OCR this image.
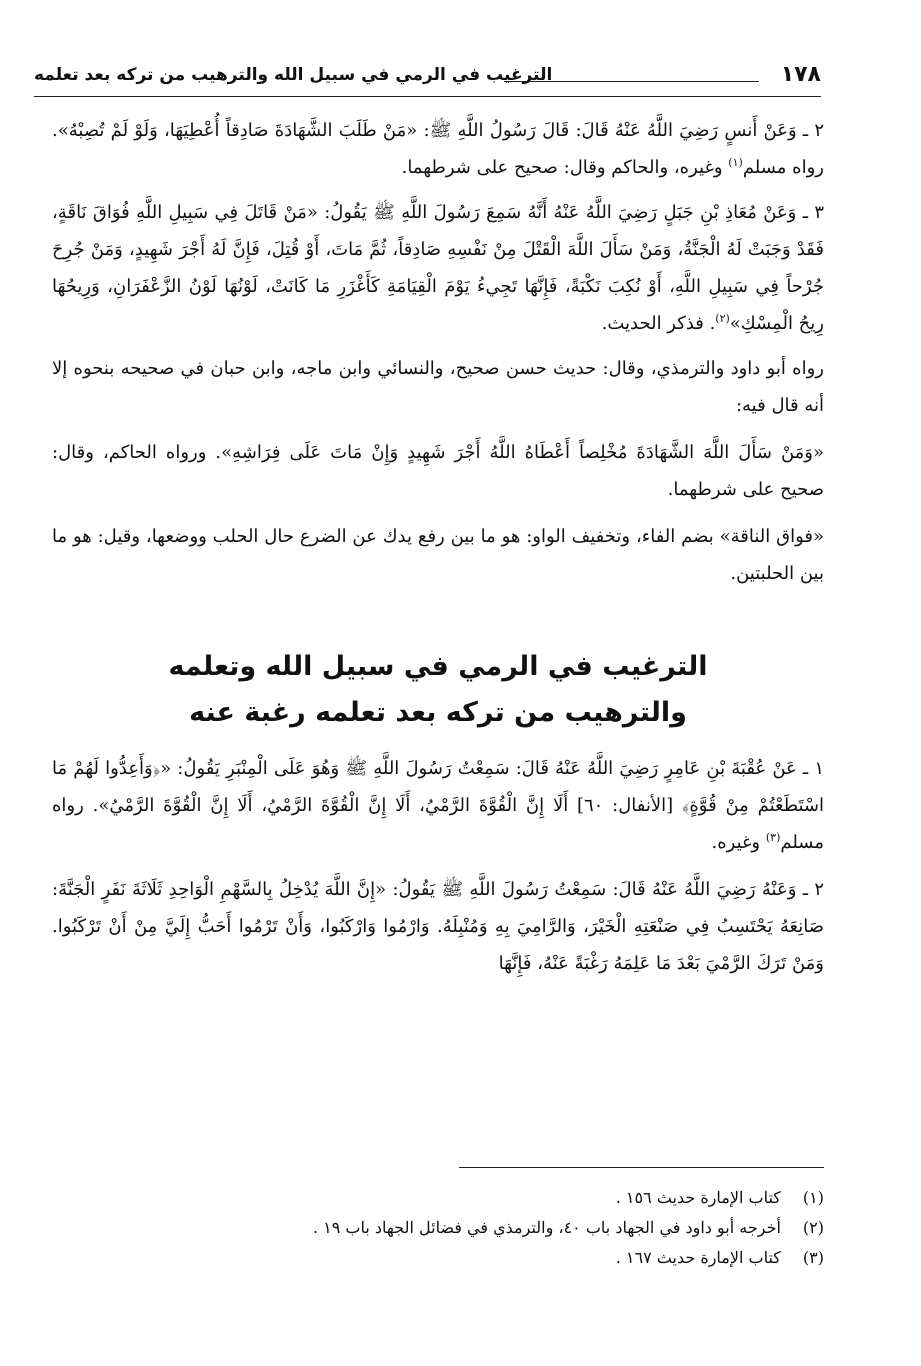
١٧٨
الترغيب في الرمي في سبيل الله والترهيب من تركه بعد تعلمه

٢ ـ وَعَنْ أَنسٍ رَضِيَ اللَّهُ عَنْهُ قَالَ: قَالَ رَسُولُ اللَّهِ ﷺ: «مَنْ طَلَبَ الشَّهَادَةَ صَادِقاً أُعْطِيَهَا، وَلَوْ لَمْ تُصِبْهُ». رواه مسلم$^{(١)}$ وغيره، والحاكم وقال: صحيح على شرطهما.

٣ ـ وَعَنْ مُعَاذِ بْنِ جَبَلٍ رَضِيَ اللَّهُ عَنْهُ أَنَّهُ سَمِعَ رَسُولَ اللَّهِ ﷺ يَقُولُ: «مَنْ قَاتَلَ فِي سَبِيلِ اللَّهِ فُوَاقَ نَاقَةٍ، فَقَدْ وَجَبَتْ لَهُ الْجَنَّةُ، وَمَنْ سَأَلَ اللَّهَ الْقَتْلَ مِنْ نَفْسِهِ صَادِقاً، ثُمَّ مَاتَ، أَوْ قُتِلَ، فَإِنَّ لَهُ أَجْرَ شَهِيدٍ، وَمَنْ جُرِحَ جُرْحاً فِي سَبِيلِ اللَّهِ، أَوْ نُكِبَ نَكْبَةً، فَإِنَّهَا تَجِيءُ يَوْمَ الْقِيَامَةِ كَأَغْزَرِ مَا كَانَتْ، لَوْنُهَا لَوْنُ الزَّعْفَرَانِ، وَرِيحُهَا رِيحُ الْمِسْكِ»$^{(٢)}$. فذكر الحديث.

رواه أبو داود والترمذي، وقال: حديث حسن صحيح، والنسائي وابن ماجه، وابن حبان في صحيحه بنحوه إلا أنه قال فيه:

«وَمَنْ سَأَلَ اللَّهَ الشَّهَادَةَ مُخْلِصاً أَعْطَاهُ اللَّهُ أَجْرَ شَهِيدٍ وَإِنْ مَاتَ عَلَى فِرَاشِهِ». ورواه الحاكم، وقال: صحيح على شرطهما.

«فواق الناقة» بضم الفاء، وتخفيف الواو: هو ما بين رفع يدك عن الضرع حال الحلب ووضعها، وقيل: هو ما بين الحلبتين.

الترغيب في الرمي في سبيل الله وتعلمه
والترهيب من تركه بعد تعلمه رغبة عنه

١ ـ عَنْ عُقْبَةَ بْنِ عَامِرٍ رَضِيَ اللَّهُ عَنْهُ قَالَ: سَمِعْتُ رَسُولَ اللَّهِ ﷺ وَهُوَ عَلَى الْمِنْبَرِ يَقُولُ: «﴿وَأَعِدُّوا لَهُمْ مَا اسْتَطَعْتُمْ مِنْ قُوَّةٍ﴾ [الأنفال: ٦٠] أَلَا إِنَّ الْقُوَّةَ الرَّمْيُ، أَلَا إِنَّ الْقُوَّةَ الرَّمْيُ، أَلَا إِنَّ الْقُوَّةَ الرَّمْيُ». رواه مسلم$^{(٣)}$ وغيره.

٢ ـ وَعَنْهُ رَضِيَ اللَّهُ عَنْهُ قَالَ: سَمِعْتُ رَسُولَ اللَّهِ ﷺ يَقُولُ: «إِنَّ اللَّهَ يُدْخِلُ بِالسَّهْمِ الْوَاحِدِ ثَلَاثَةَ نَفَرٍ الْجَنَّةَ: صَانِعَهُ يَحْتَسِبُ فِي صَنْعَتِهِ الْخَيْرَ، وَالرَّامِيَ بِهِ وَمُنْبِلَهُ. وَارْمُوا وَارْكَبُوا، وَأَنْ تَرْمُوا أَحَبُّ إِلَيَّ مِنْ أَنْ تَرْكَبُوا. وَمَنْ تَرَكَ الرَّمْيَ بَعْدَ مَا عَلِمَهُ رَغْبَةً عَنْهُ، فَإِنَّهَا

(١) كتاب الإمارة حديث ١٥٦ .

(٢) أخرجه أبو داود في الجهاد باب ٤٠، والترمذي في فضائل الجهاد باب ١٩ .

(٣) كتاب الإمارة حديث ١٦٧ .
